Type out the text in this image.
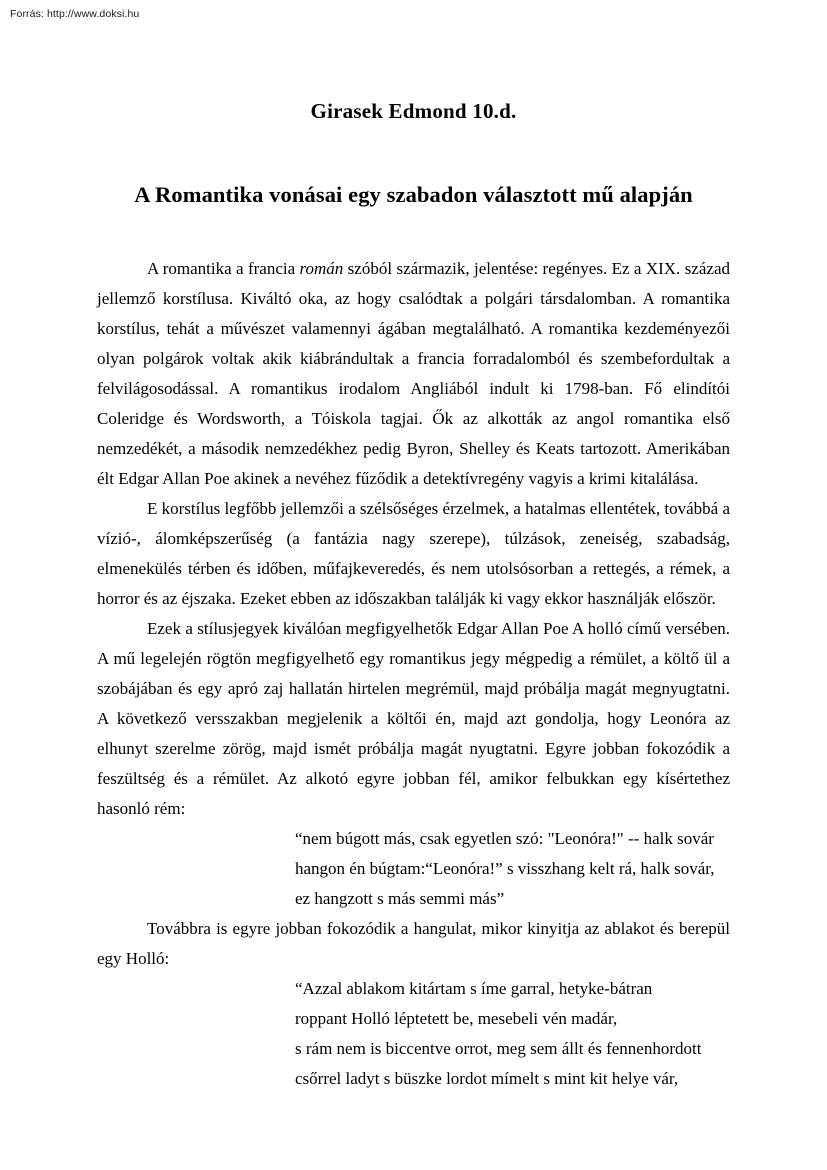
Forrás: http://www.doksi.hu
Girasek Edmond 10.d.
A Romantika vonásai egy szabadon választott mű alapján

A romantika a francia román szóból származik, jelentése: regényes. Ez a XIX. század jellemző korstílusa. Kiváltó oka, az hogy csalódtak a polgári társdalomban. A romantika korstílus, tehát a művészet valamennyi ágában megtalálható. A romantika kezdeményezői olyan polgárok voltak akik kiábrándultak a francia forradalomból és szembefordultak a felvilágosodással. A romantikus irodalom Angliából indult ki 1798-ban. Fő elindítói Coleridge és Wordsworth, a Tóiskola tagjai. Ők az alkották az angol romantika első nemzedékét, a második nemzedékhez pedig Byron, Shelley és Keats tartozott. Amerikában élt Edgar Allan Poe akinek a nevéhez fűződik a detektívregény vagyis a krimi kitalálása.

E korstílus legfőbb jellemzői a szélsőséges érzelmek, a hatalmas ellentétek, továbbá a vízió-, álomképszerűség (a fantázia nagy szerepe), túlzások, zeneiség, szabadság, elmenekülés térben és időben, műfajkeveredés, és nem utolsósorban a rettegés, a rémek, a horror és az éjszaka. Ezeket ebben az időszakban találják ki vagy ekkor használják először.

Ezek a stílusjegyek kiválóan megfigyelhetők Edgar Allan Poe A holló című versében. A mű legelején rögtön megfigyelhető egy romantikus jegy mégpedig a rémület, a költő ül a szobájában és egy apró zaj hallatán hirtelen megrémül, majd próbálja magát megnyugtatni. A következő versszakban megjelenik a költői én, majd azt gondolja, hogy Leonóra az elhunyt szerelme zörög, majd ismét próbálja magát nyugtatni. Egyre jobban fokozódik a feszültség és a rémület. Az alkotó egyre jobban fél, amikor felbukkan egy kísértethez hasonló rém:

“nem búgott más, csak egyetlen szó: "Leonóra!" -- halk sovár
hangon én búgtam:“Leonóra!” s visszhang kelt rá, halk sovár,
ez hangzott s más semmi más”

Továbbra is egyre jobban fokozódik a hangulat, mikor kinyitja az ablakot és berepül egy Holló:

“Azzal ablakom kitártam s íme garral, hetyke-bátran
roppant Holló léptetett be, mesebeli vén madár,
s rám nem is biccentve orrot, meg sem állt és fennenhordott
csőrrel ladyt s büszke lordot mímelt s mint kit helye vár,
